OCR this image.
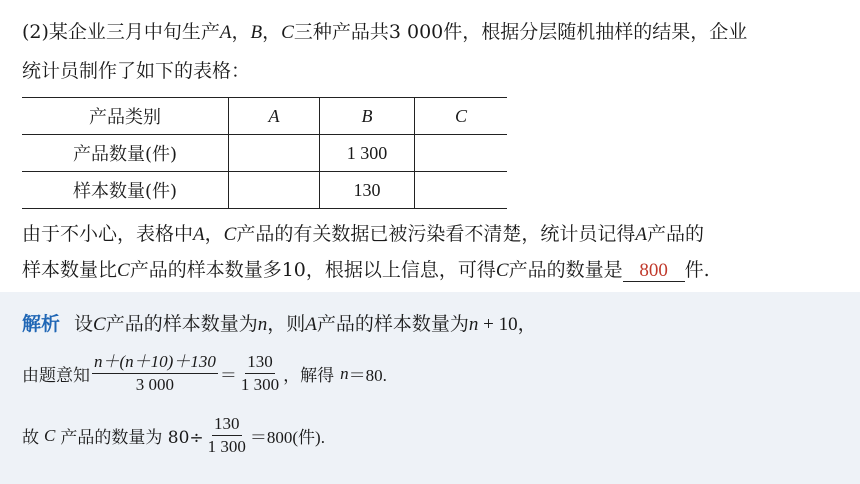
(2)某企业三月中旬生产A，B，C三种产品共3 000件，根据分层随机抽样的结果，企业
统计员制作了如下的表格：
产品类别	A	B	C
产品数量(件)		1 300	
样本数量(件)		130	
由于不小心，表格中A，C产品的有关数据已被污染看不清楚，统计员记得A产品的
样本数量比C产品的样本数量多10，根据以上信息，可得C产品的数量是 800 件.
解析 设C产品的样本数量为n，则A产品的样本数量为n + 10，
由题意知 $\frac{n+(n+10)+130}{3 000} = \frac{130}{1 300}$ ，解得 n ＝80.
故 C 产品的数量为 $80\div \frac{130}{1 300} =800$(件).
